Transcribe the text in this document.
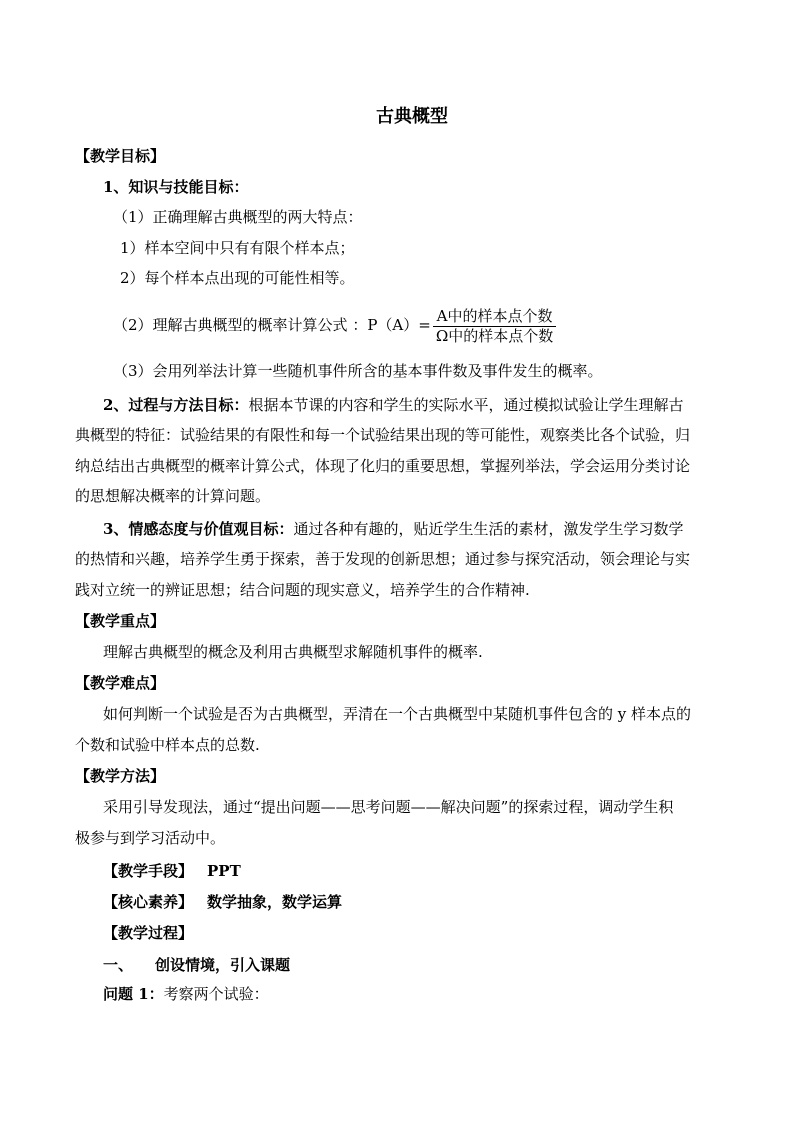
古典概型
【教学目标】
1、知识与技能目标：
（1）正确理解古典概型的两大特点：
1）样本空间中只有有限个样本点；
2）每个样本点出现的可能性相等。
（2）理解古典概型的概率计算公式 ：$P(A)= \frac{\text{A中的样本点个数}}{\text{Ω中的样本点个数}}$
（3）会用列举法计算一些随机事件所含的基本事件数及事件发生的概率。
2、过程与方法目标：根据本节课的内容和学生的实际水平，通过模拟试验让学生理解古
典概型的特征：试验结果的有限性和每一个试验结果出现的等可能性，观察类比各个试验，归
纳总结出古典概型的概率计算公式，体现了化归的重要思想，掌握列举法，学会运用分类讨论
的思想解决概率的计算问题。
3、情感态度与价值观目标：通过各种有趣的，贴近学生生活的素材，激发学生学习数学
的热情和兴趣，培养学生勇于探索，善于发现的创新思想；通过参与探究活动，领会理论与实
践对立统一的辨证思想；结合问题的现实意义，培养学生的合作精神.
【教学重点】
理解古典概型的概念及利用古典概型求解随机事件的概率.
【教学难点】
如何判断一个试验是否为古典概型，弄清在一个古典概型中某随机事件包含的 y 样本点的
个数和试验中样本点的总数.
【教学方法】
采用引导发现法，通过“提出问题——思考问题——解决问题”的探索过程，调动学生积
极参与到学习活动中。
【教学手段】 PPT
【核心素养】 数学抽象，数学运算
【教学过程】
一、 创设情境，引入课题
问题 1：考察两个试验：
